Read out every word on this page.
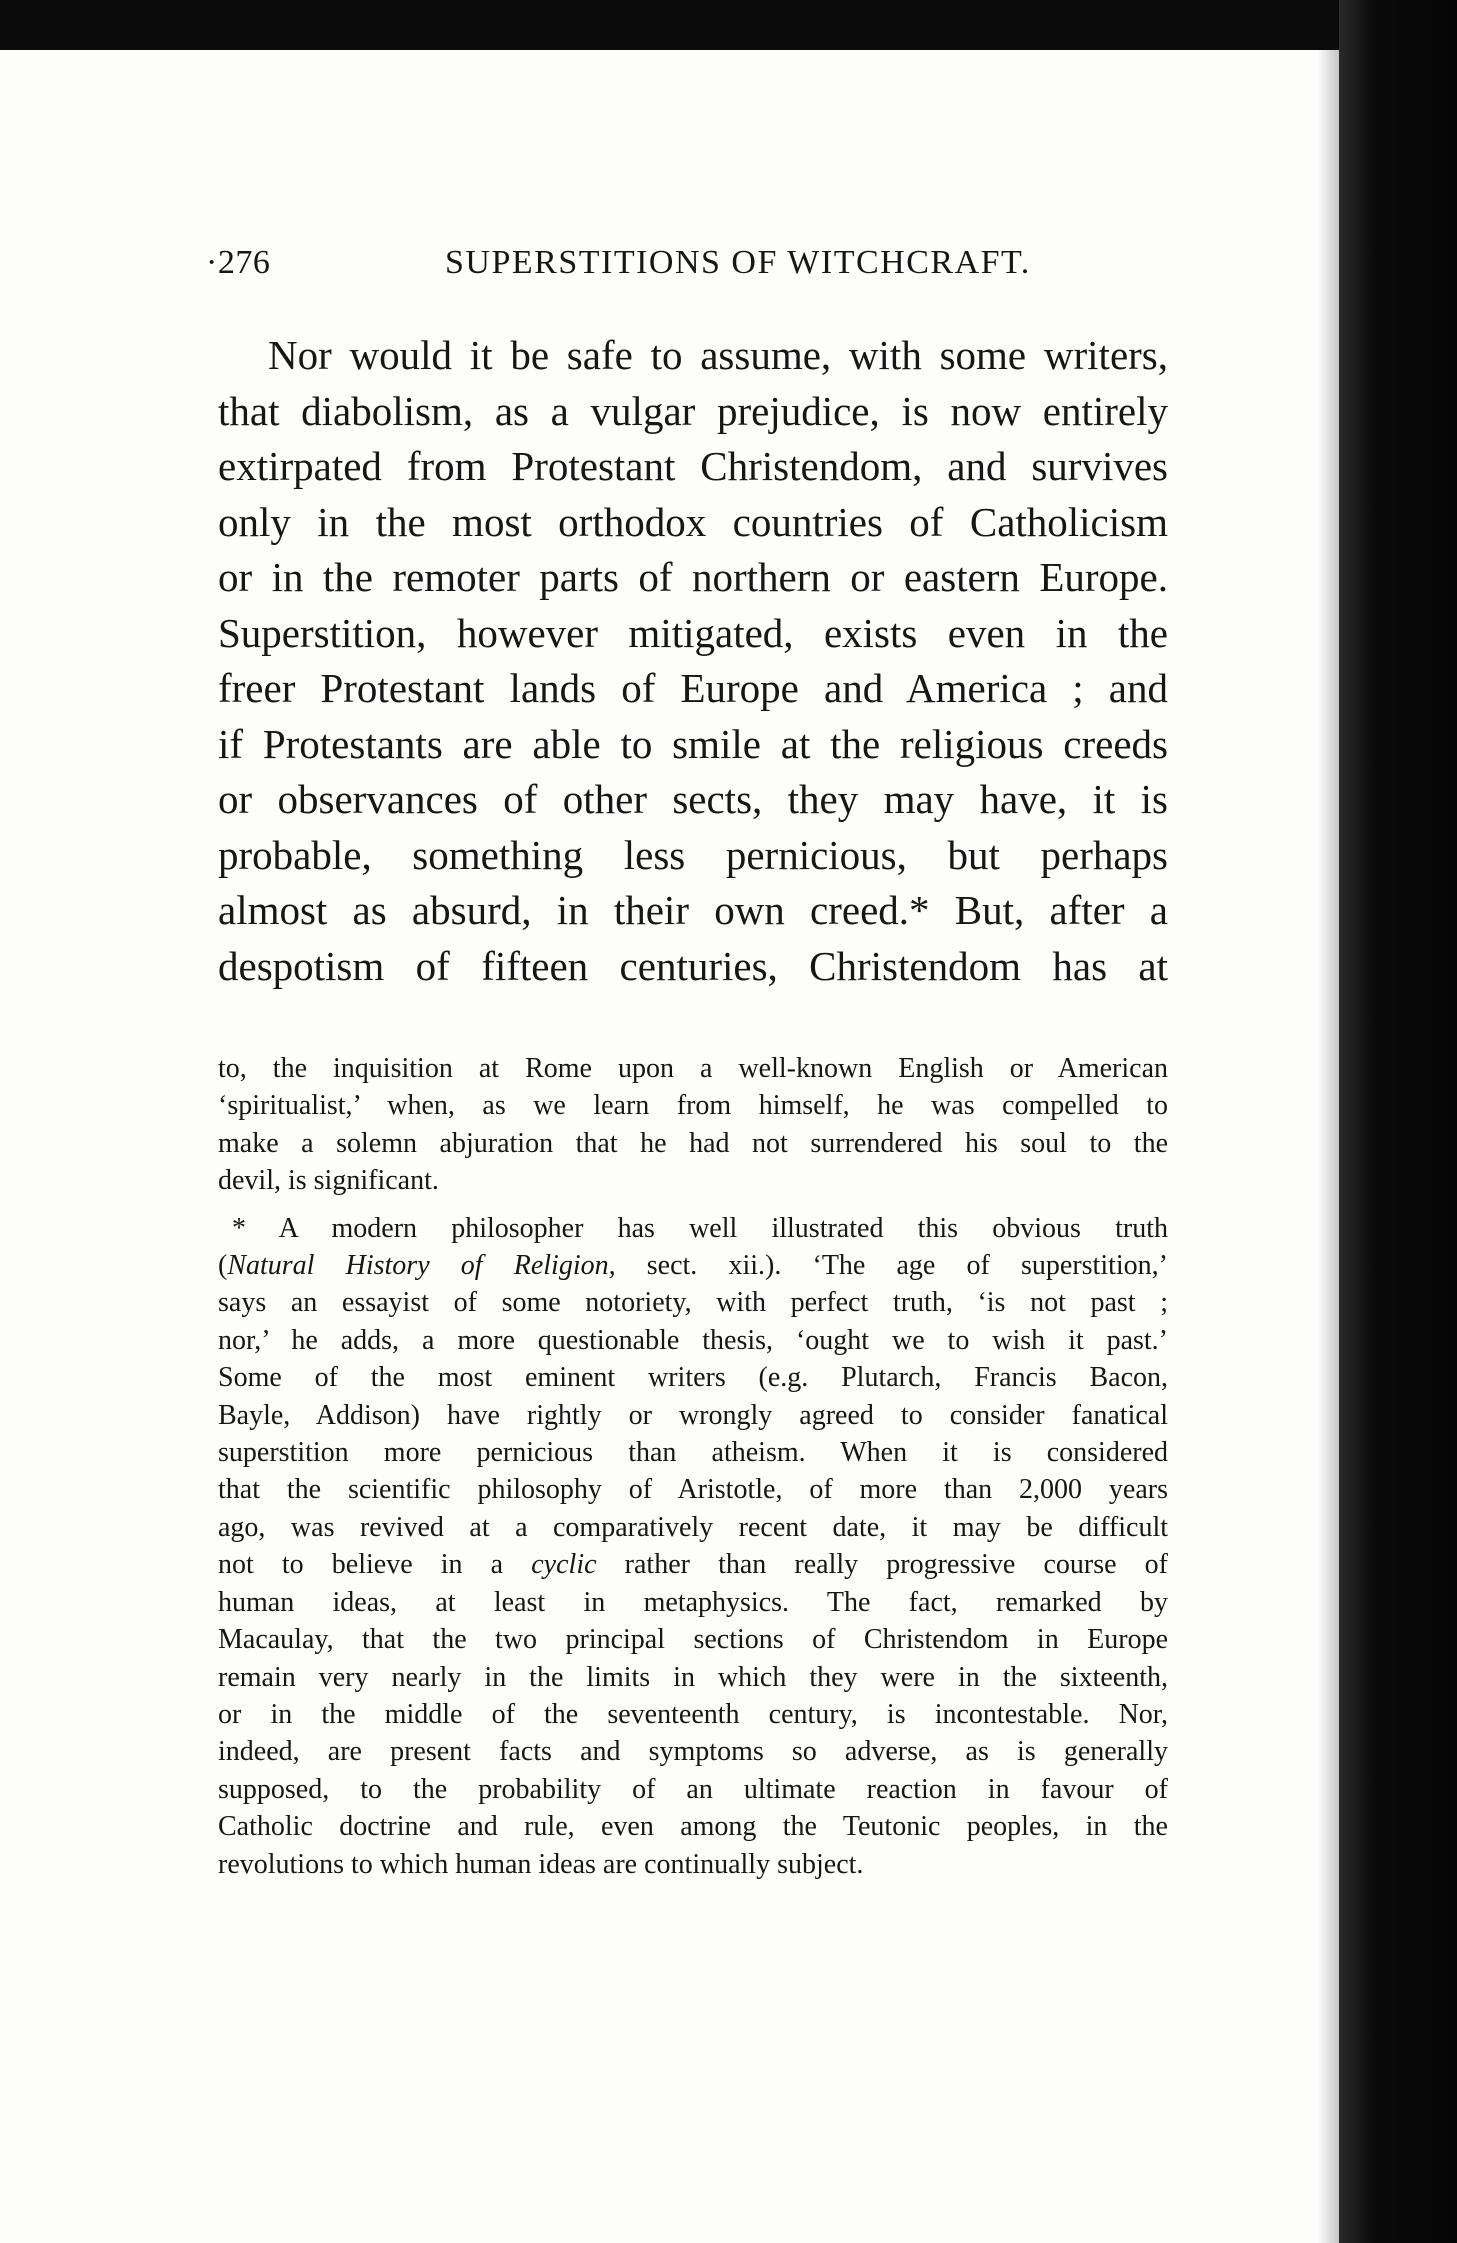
·276	SUPERSTITIONS OF WITCHCRAFT.
Nor would it be safe to assume, with some writers,
that diabolism, as a vulgar prejudice, is now entirely
extirpated from Protestant Christendom, and survives
only in the most orthodox countries of Catholicism
or in the remoter parts of northern or eastern Europe.
Superstition, however mitigated, exists even in the
freer Protestant lands of Europe and America ; and
if Protestants are able to smile at the religious creeds
or observances of other sects, they may have, it is
probable, something less pernicious, but perhaps
almost as absurd, in their own creed.* But, after a
despotism of fifteen centuries, Christendom has at
to, the inquisition at Rome upon a well-known English or American
‘spiritualist,’ when, as we learn from himself, he was compelled to
make a solemn abjuration that he had not surrendered his soul to the
devil, is significant.
* A modern philosopher has well illustrated this obvious truth
(Natural History of Religion, sect. xii.). ‘The age of superstition,’
says an essayist of some notoriety, with perfect truth, ‘is not past ;
nor,’ he adds, a more questionable thesis, ‘ought we to wish it past.’
Some of the most eminent writers (e.g. Plutarch, Francis Bacon,
Bayle, Addison) have rightly or wrongly agreed to consider fanatical
superstition more pernicious than atheism. When it is considered
that the scientific philosophy of Aristotle, of more than 2,000 years
ago, was revived at a comparatively recent date, it may be difficult
not to believe in a cyclic rather than really progressive course of
human ideas, at least in metaphysics. The fact, remarked by
Macaulay, that the two principal sections of Christendom in Europe
remain very nearly in the limits in which they were in the sixteenth,
or in the middle of the seventeenth century, is incontestable. Nor,
indeed, are present facts and symptoms so adverse, as is generally
supposed, to the probability of an ultimate reaction in favour of
Catholic doctrine and rule, even among the Teutonic peoples, in the
revolutions to which human ideas are continually subject.
